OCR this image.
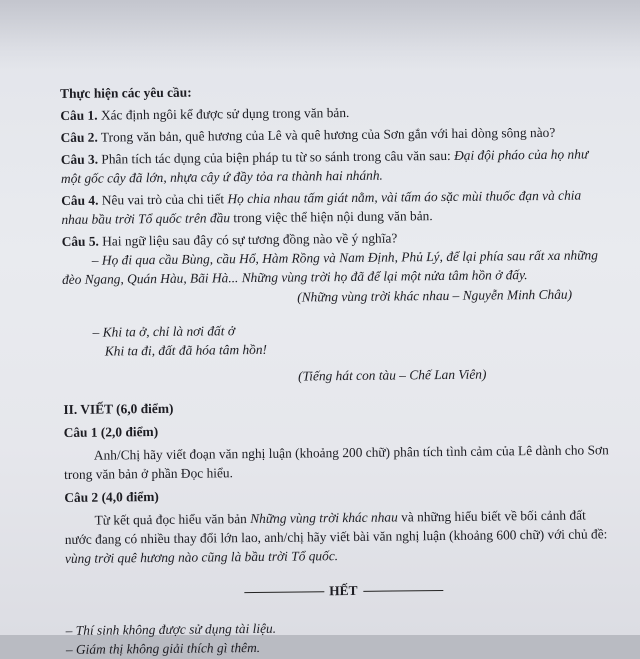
Thực hiện các yêu cầu:
Câu 1. Xác định ngôi kể được sử dụng trong văn bản.
Câu 2. Trong văn bản, quê hương của Lê và quê hương của Sơn gắn với hai dòng sông nào?
Câu 3. Phân tích tác dụng của biện pháp tu từ so sánh trong câu văn sau: Đại đội pháo của họ như
một gốc cây đã lớn, nhựa cây ứ đầy tỏa ra thành hai nhánh.
Câu 4. Nêu vai trò của chi tiết Họ chia nhau tấm giát nằm, vài tấm áo sặc mùi thuốc đạn và chia
nhau bầu trời Tổ quốc trên đầu trong việc thể hiện nội dung văn bản.
Câu 5. Hai ngữ liệu sau đây có sự tương đồng nào về ý nghĩa?
– Họ đi qua cầu Bùng, cầu Hổ, Hàm Rồng và Nam Định, Phủ Lý, để lại phía sau rất xa những
đèo Ngang, Quán Hàu, Bãi Hà... Những vùng trời họ đã để lại một nửa tâm hồn ở đấy.
(Những vùng trời khác nhau – Nguyễn Minh Châu)
– Khi ta ở, chỉ là nơi đất ở
Khi ta đi, đất đã hóa tâm hồn!
(Tiếng hát con tàu – Chế Lan Viên)
II. VIẾT (6,0 điểm)
Câu 1 (2,0 điểm)
Anh/Chị hãy viết đoạn văn nghị luận (khoảng 200 chữ) phân tích tình cảm của Lê dành cho Sơn
trong văn bản ở phần Đọc hiểu.
Câu 2 (4,0 điểm)
Từ kết quả đọc hiểu văn bản Những vùng trời khác nhau và những hiểu biết về bối cảnh đất
nước đang có nhiều thay đổi lớn lao, anh/chị hãy viết bài văn nghị luận (khoảng 600 chữ) với chủ đề:
vùng trời quê hương nào cũng là bầu trời Tổ quốc.
HẾT
– Thí sinh không được sử dụng tài liệu.
– Giám thị không giải thích gì thêm.
